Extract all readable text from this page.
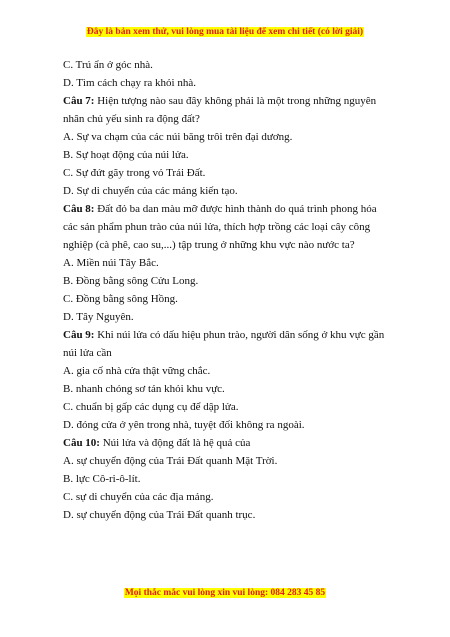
Đây là bản xem thử, vui lòng mua tài liệu để xem chi tiết (có lời giải)

C. Trú ẩn ở góc nhà.

D. Tìm cách chạy ra khỏi nhà.

Câu 7: Hiện tượng nào sau đây không phải là một trong những nguyên nhân chủ yếu sinh ra động đất?

A. Sự va chạm của các núi băng trôi trên đại dương.

B. Sự hoạt động của núi lửa.

C. Sự đứt gãy trong vỏ Trái Đất.

D. Sự di chuyển của các mảng kiến tạo.

Câu 8: Đất đỏ ba dan màu mỡ được hình thành do quá trình phong hóa các sản phẩm phun trào của núi lửa, thích hợp trồng các loại cây công nghiệp (cà phê, cao su,...) tập trung ở những khu vực nào nước ta?

A. Miền núi Tây Bắc.

B. Đồng bằng sông Cửu Long.

C. Đồng bằng sông Hồng.

D. Tây Nguyên.

Câu 9: Khi núi lửa có dấu hiệu phun trào, người dân sống ở khu vực gần núi lửa cần

A. gia cố nhà cửa thật vững chắc.

B. nhanh chóng sơ tán khỏi khu vực.

C. chuẩn bị gấp các dụng cụ để dập lửa.

D. đóng cửa ở yên trong nhà, tuyệt đối không ra ngoài.

Câu 10: Núi lửa và động đất là hệ quả của

A. sự chuyển động của Trái Đất quanh Mặt Trời.

B. lực Cô-ri-ô-lít.

C. sự di chuyển của các địa mảng.

D. sự chuyển động của Trái Đất quanh trục.

Mọi thắc mắc vui lòng xin vui lòng: 084 283 45 85
